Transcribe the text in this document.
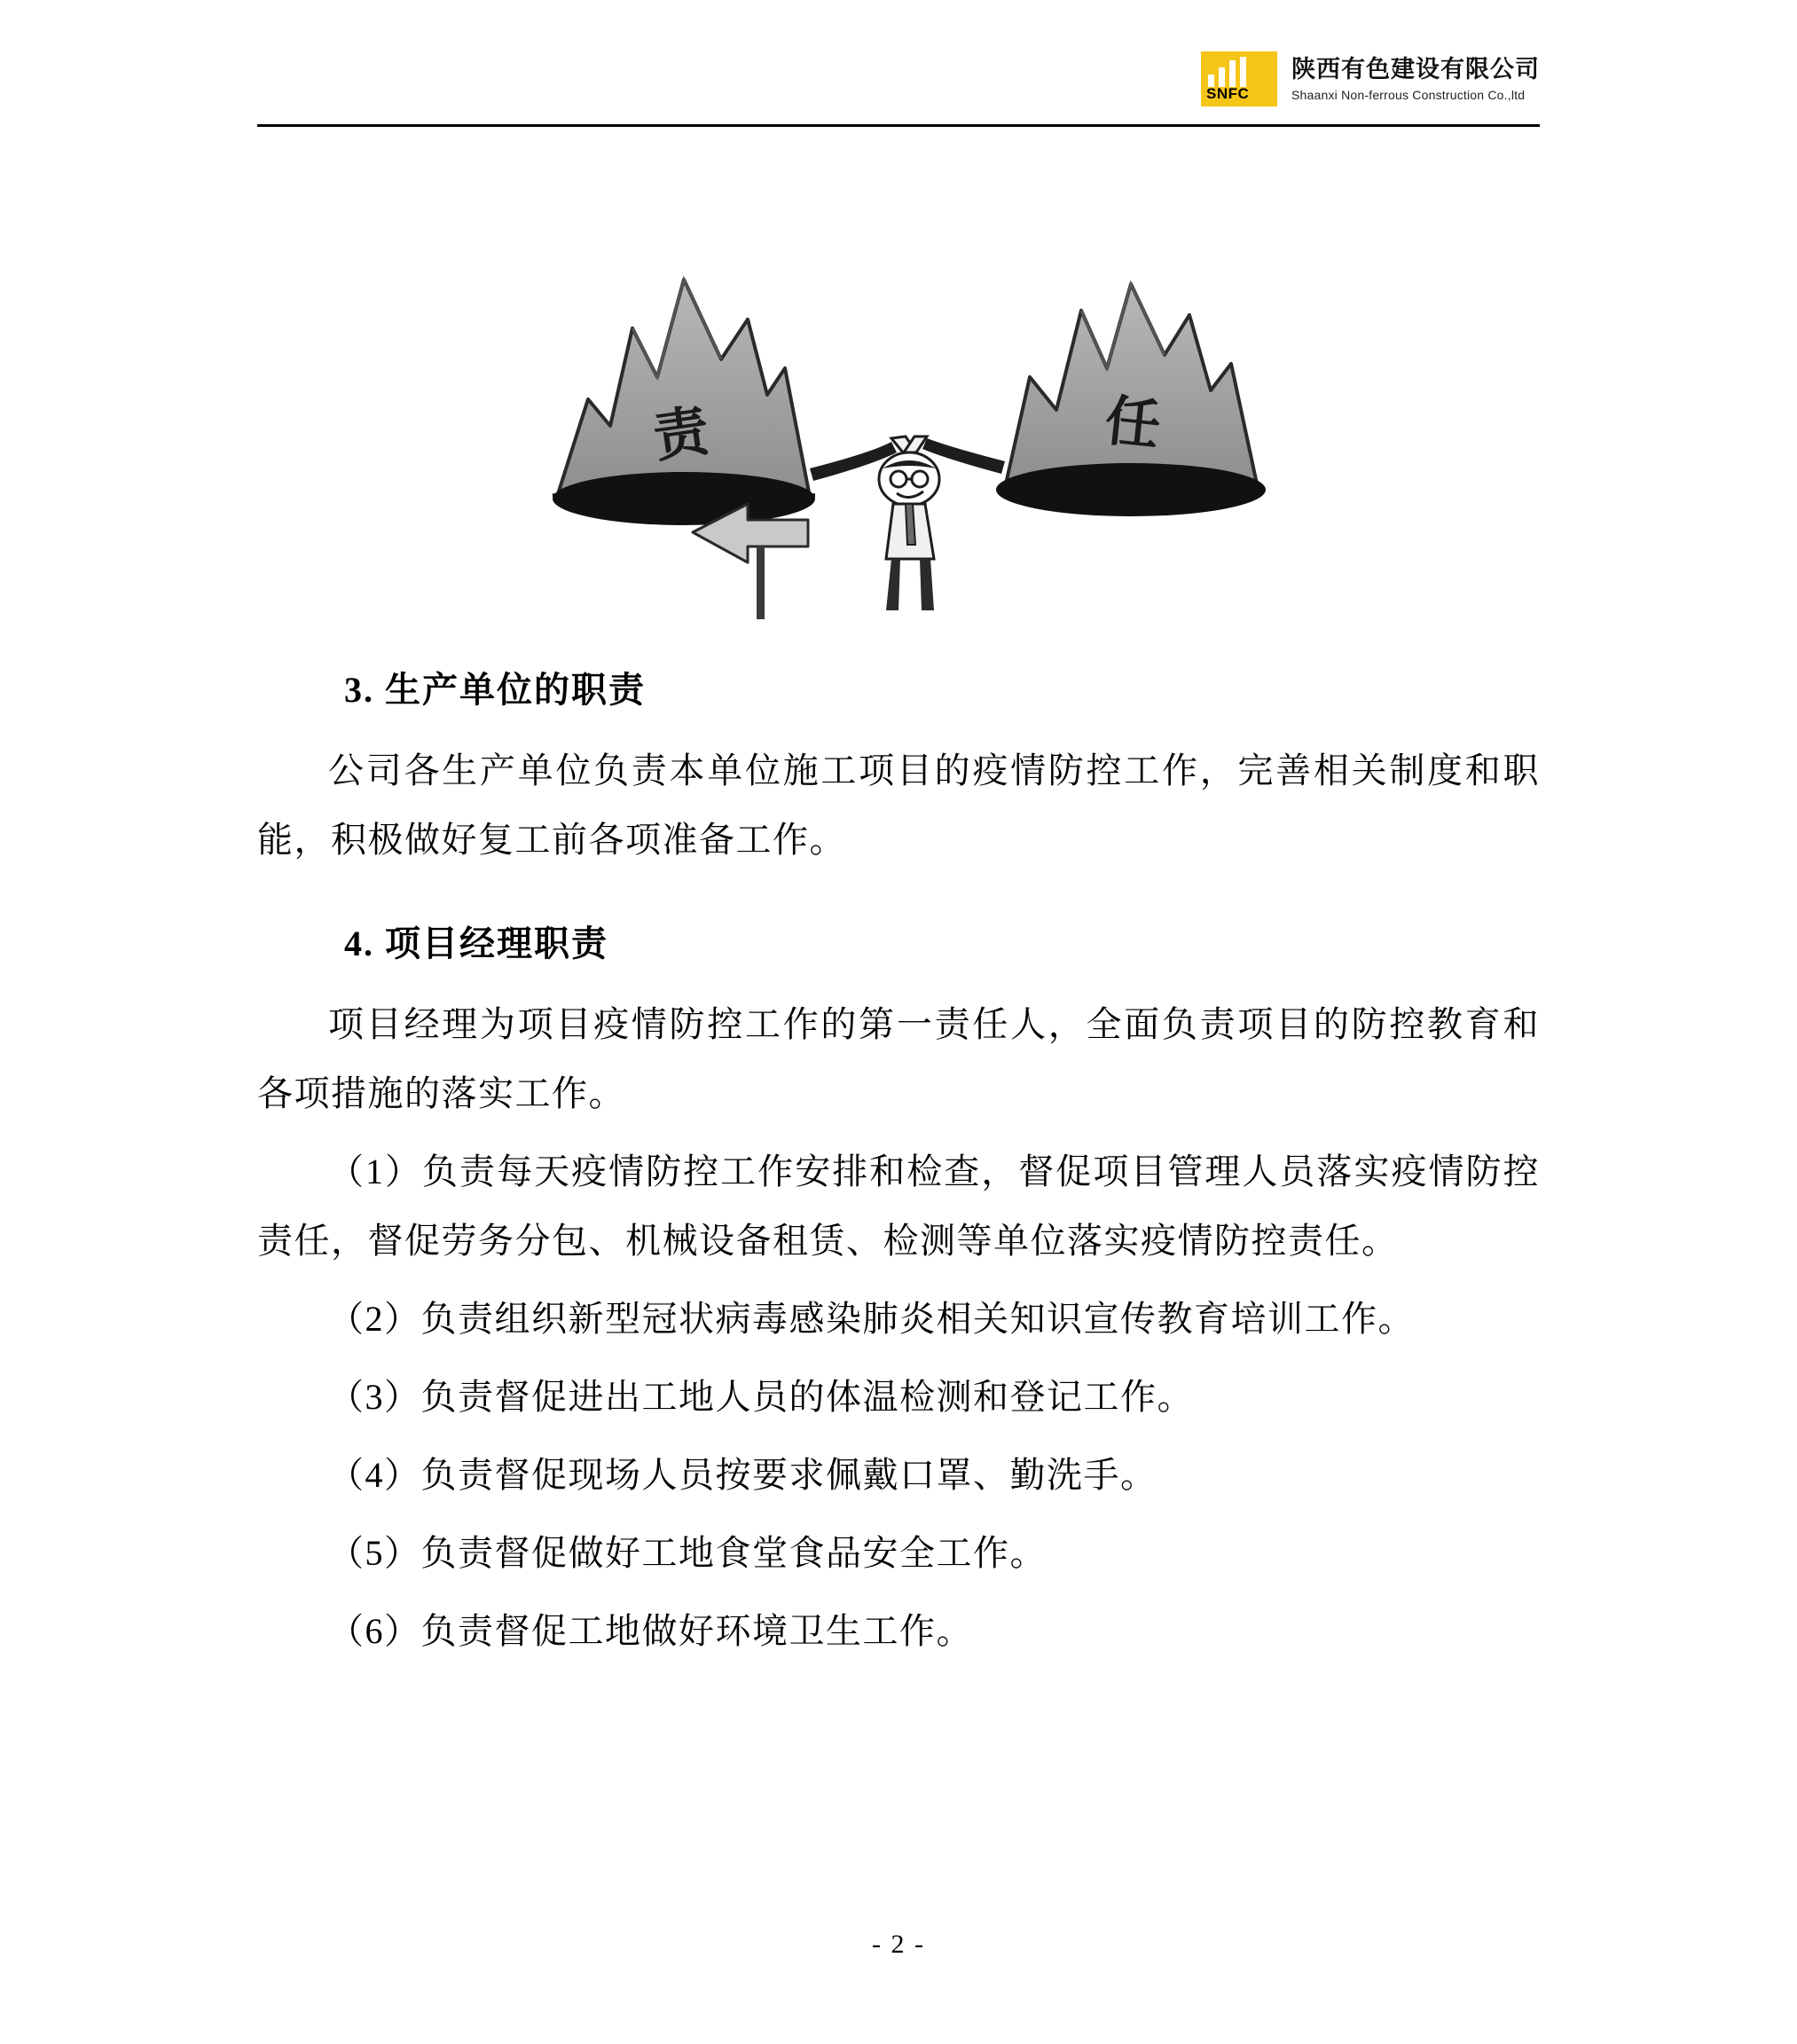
SNFC
陕西有色建设有限公司
Shaanxi Non-ferrous Construction Co.,ltd
责	任
3. 生产单位的职责

公司各生产单位负责本单位施工项目的疫情防控工作，完善相关制度和职能，积极做好复工前各项准备工作。

4. 项目经理职责

项目经理为项目疫情防控工作的第一责任人，全面负责项目的防控教育和各项措施的落实工作。

（1）负责每天疫情防控工作安排和检查，督促项目管理人员落实疫情防控责任，督促劳务分包、机械设备租赁、检测等单位落实疫情防控责任。

（2）负责组织新型冠状病毒感染肺炎相关知识宣传教育培训工作。

（3）负责督促进出工地人员的体温检测和登记工作。

（4）负责督促现场人员按要求佩戴口罩、勤洗手。

（5）负责督促做好工地食堂食品安全工作。

（6）负责督促工地做好环境卫生工作。

- 2 -
